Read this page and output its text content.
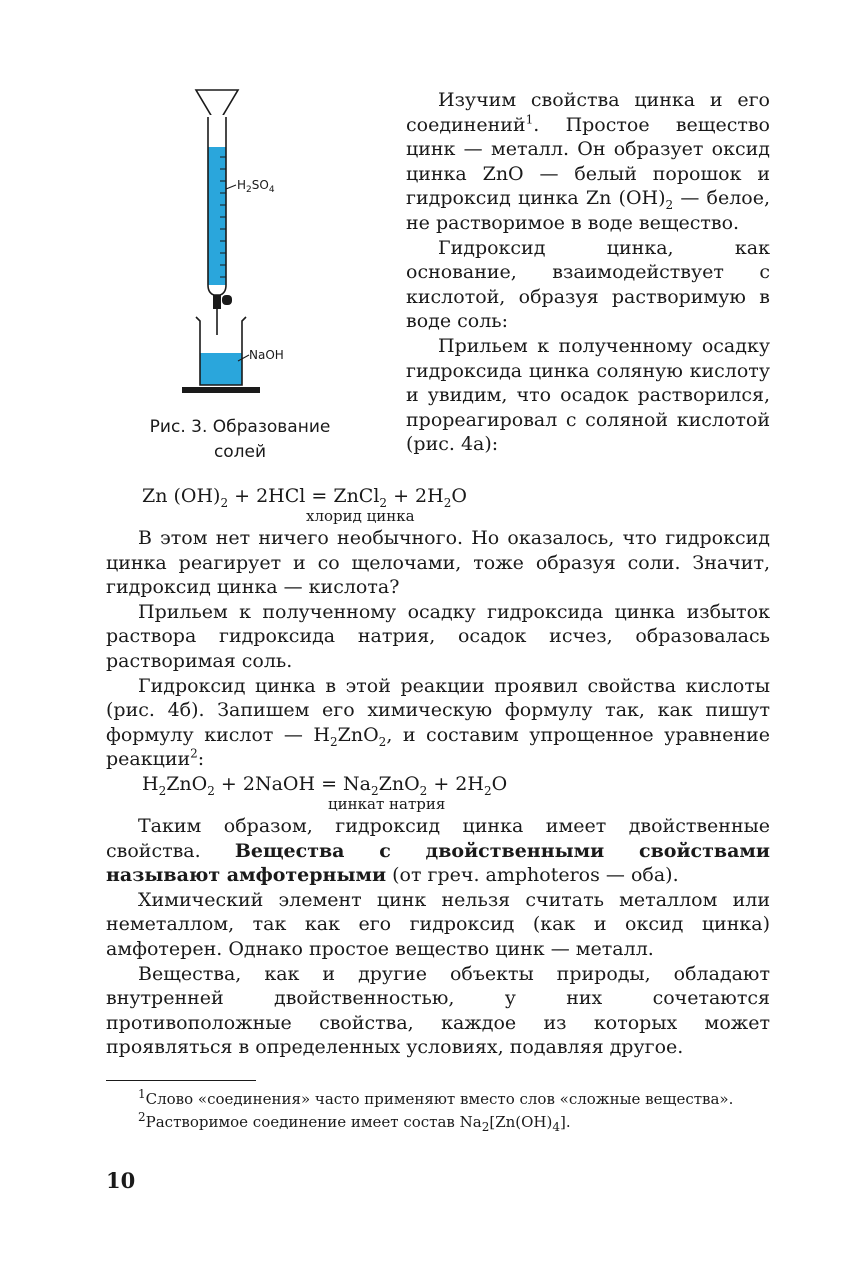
$H_2SO_4$
NaOH
Рис. 3. Образование
солей

Изучим свойства цинка и его соединений$^1$. Простое вещество цинк — металл. Он образует оксид цинка ZnO — белый порошок и гидроксид цинка Zn $(OH)_2$ — белое, не растворимое в воде вещество.

Гидроксид цинка, как основание, взаимодействует с кислотой, образуя растворимую в воде соль:

Прильем к полученному осадку гидроксида цинка соляную кислоту и увидим, что осадок растворился, прореагировал с соляной кислотой (рис. 4а):

Zn $(OH)_2 + 2HCl$ = ZnCl$_2$ + $2H_2O$

хлорид цинка

В этом нет ничего необычного. Но оказалось, что гидроксид цинка реагирует и со щелочами, тоже образуя соли. Значит, гидроксид цинка — кислота?

Прильем к полученному осадку гидроксида цинка избыток раствора гидроксида натрия, осадок исчез, образовалась растворимая соль.

Гидроксид цинка в этой реакции проявил свойства кислоты (рис. 4б). Запишем его химическую формулу так, как пишут формулу кислот — $H_2ZnO_2$, и составим упрощенное уравнение реакции$^2$:

$H_2ZnO_2$ + 2NaOH = $Na_2ZnO_2 + 2H_2O$

цинкат натрия

Таким образом, гидроксид цинка имеет двойственные свойства. Вещества с двойственными свойствами называют амфотерными (от греч. amphoteros — оба).

Химический элемент цинк нельзя считать металлом или неметаллом, так как его гидроксид (как и оксид цинка) амфотерен. Однако простое вещество цинк — металл.

Вещества, как и другие объекты природы, обладают внутренней двойственностью, у них сочетаются противоположные свойства, каждое из которых может проявляться в определенных условиях, подавляя другое.

$^1$Слово «соединения» часто применяют вместо слов «сложные вещества».

$^2$Растворимое соединение имеет состав $Na_2[Zn(OH)_4]$.

10
